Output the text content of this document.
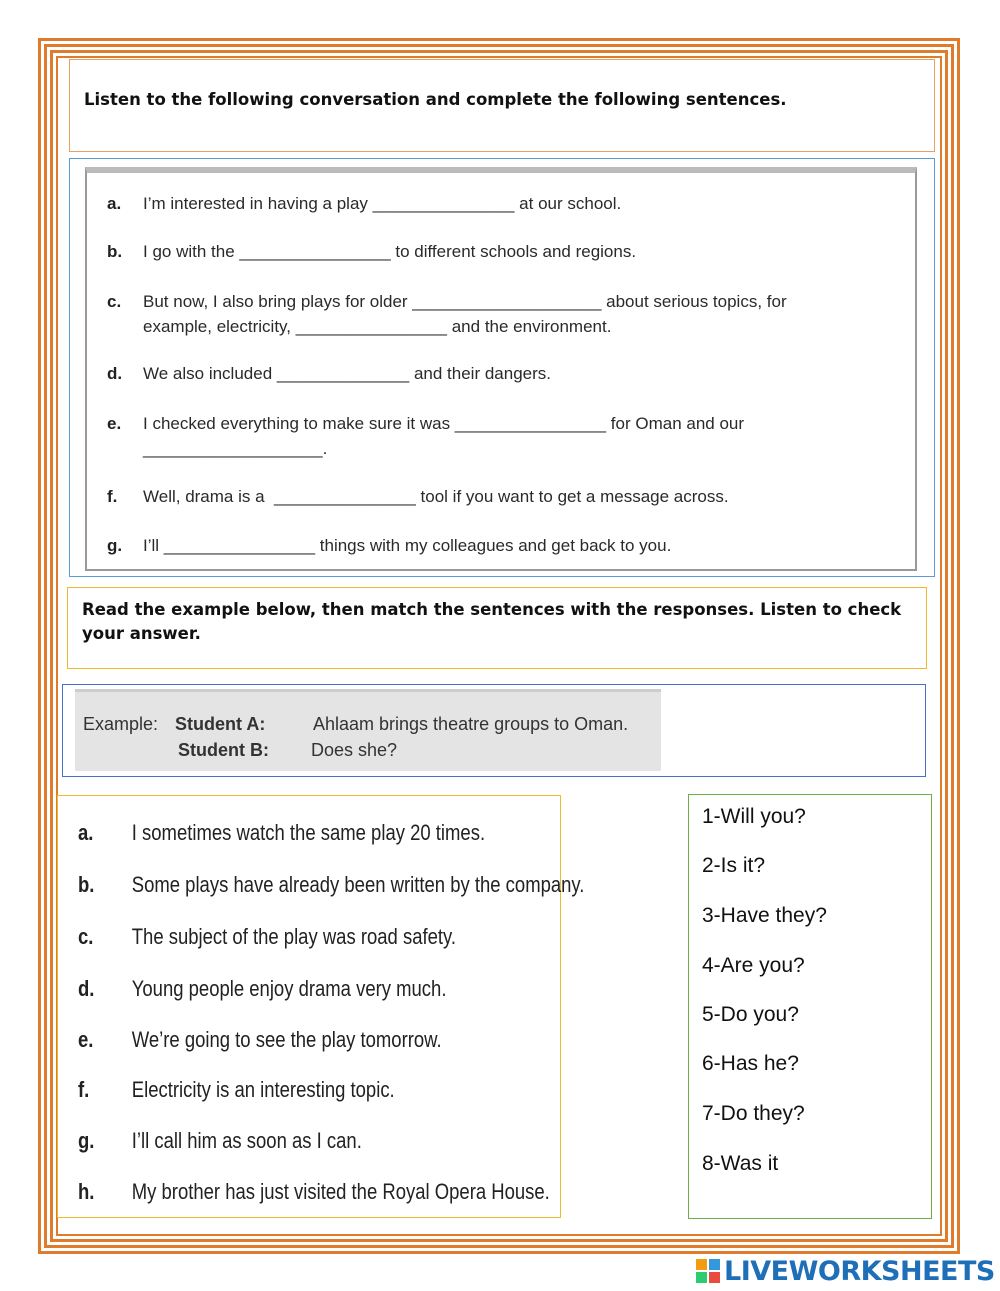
Listen to the following conversation and complete the following sentences.
a.	I’m interested in having a play _______________ at our school.
b.	I go with the ________________ to different schools and regions.
c.	But now, I also bring plays for older ____________________ about serious topics, for
example, electricity, ________________ and the environment.
d.	We also included ______________ and their dangers.
e.	I checked everything to make sure it was ________________ for Oman and our
___________________.
f.	Well, drama is a  _______________ tool if you want to get a message across.
g.	I’ll ________________ things with my colleagues and get back to you.
Read the example below, then match the sentences with the responses. Listen to check your answer.
Example: Student A:	Ahlaam brings theatre groups to Oman.
Student B: Does she?
a. I sometimes watch the same play 20 times.
b. Some plays have already been written by the company.
c. The subject of the play was road safety.
d. Young people enjoy drama very much.
e. We’re going to see the play tomorrow.
f. Electricity is an interesting topic.
g. I’ll call him as soon as I can.
h. My brother has just visited the Royal Opera House.
1-Will you?
2-Is it?
3-Have they?
4-Are you?
5-Do you?
6-Has he?
7-Do they?
8-Was it
LIVEWORKSHEETS
